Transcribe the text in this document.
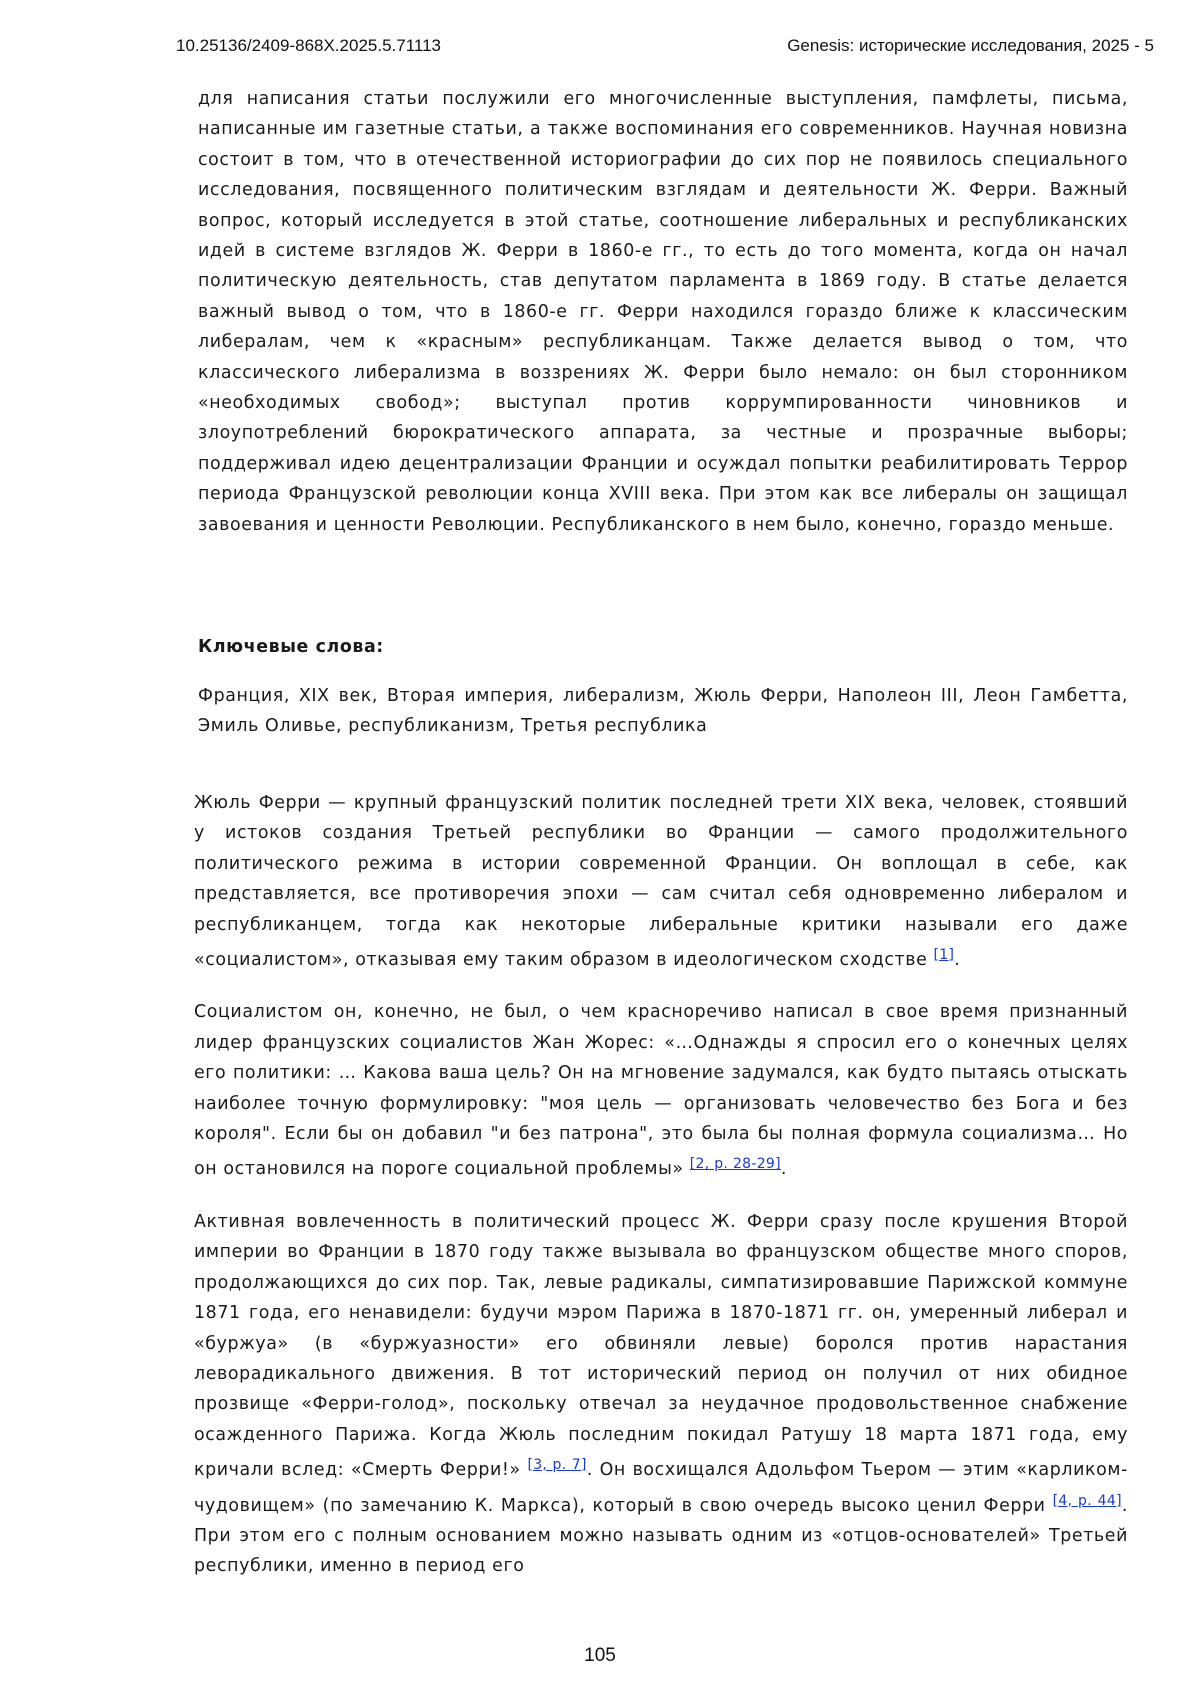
10.25136/2409-868X.2025.5.71113	Genesis: исторические исследования, 2025 - 5

для написания статьи послужили его многочисленные выступления, памфлеты, письма, написанные им газетные статьи, а также воспоминания его современников. Научная новизна состоит в том, что в отечественной историографии до сих пор не появилось специального исследования, посвященного политическим взглядам и деятельности Ж. Ферри. Важный вопрос, который исследуется в этой статье, соотношение либеральных и республиканских идей в системе взглядов Ж. Ферри в 1860-е гг., то есть до того момента, когда он начал политическую деятельность, став депутатом парламента в 1869 году. В статье делается важный вывод о том, что в 1860-е гг. Ферри находился гораздо ближе к классическим либералам, чем к «красным» республиканцам. Также делается вывод о том, что классического либерализма в воззрениях Ж. Ферри было немало: он был сторонником «необходимых свобод»; выступал против коррумпированности чиновников и злоупотреблений бюрократического аппарата, за честные и прозрачные выборы; поддерживал идею децентрализации Франции и осуждал попытки реабилитировать Террор периода Французской революции конца XVIII века. При этом как все либералы он защищал завоевания и ценности Революции. Республиканского в нем было, конечно, гораздо меньше.

Ключевые слова:

Франция, XIX век, Вторая империя, либерализм, Жюль Ферри, Наполеон III, Леон Гамбетта, Эмиль Оливье, республиканизм, Третья республика

Жюль Ферри — крупный французский политик последней трети XIX века, человек, стоявший у истоков создания Третьей республики во Франции — самого продолжительного политического режима в истории современной Франции. Он воплощал в себе, как представляется, все противоречия эпохи — сам считал себя одновременно либералом и республиканцем, тогда как некоторые либеральные критики называли его даже «социалистом», отказывая ему таким образом в идеологическом сходстве [1].

Социалистом он, конечно, не был, о чем красноречиво написал в свое время признанный лидер французских социалистов Жан Жорес: «…Однажды я спросил его о конечных целях его политики: … Какова ваша цель? Он на мгновение задумался, как будто пытаясь отыскать наиболее точную формулировку: "моя цель — организовать человечество без Бога и без короля". Если бы он добавил "и без патрона", это была бы полная формула социализма… Но он остановился на пороге социальной проблемы» [2, p. 28-29].

Активная вовлеченность в политический процесс Ж. Ферри сразу после крушения Второй империи во Франции в 1870 году также вызывала во французском обществе много споров, продолжающихся до сих пор. Так, левые радикалы, симпатизировавшие Парижской коммуне 1871 года, его ненавидели: будучи мэром Парижа в 1870-1871 гг. он, умеренный либерал и «буржуа» (в «буржуазности» его обвиняли левые) боролся против нарастания леворадикального движения. В тот исторический период он получил от них обидное прозвище «Ферри-голод», поскольку отвечал за неудачное продовольственное снабжение осажденного Парижа. Когда Жюль последним покидал Ратушу 18 марта 1871 года, ему кричали вслед: «Смерть Ферри!» [3, p. 7]. Он восхищался Адольфом Тьером — этим «карликом-чудовищем» (по замечанию К. Маркса), который в свою очередь высоко ценил Ферри [4, p. 44]. При этом его с полным основанием можно называть одним из «отцов-основателей» Третьей республики, именно в период его

105
